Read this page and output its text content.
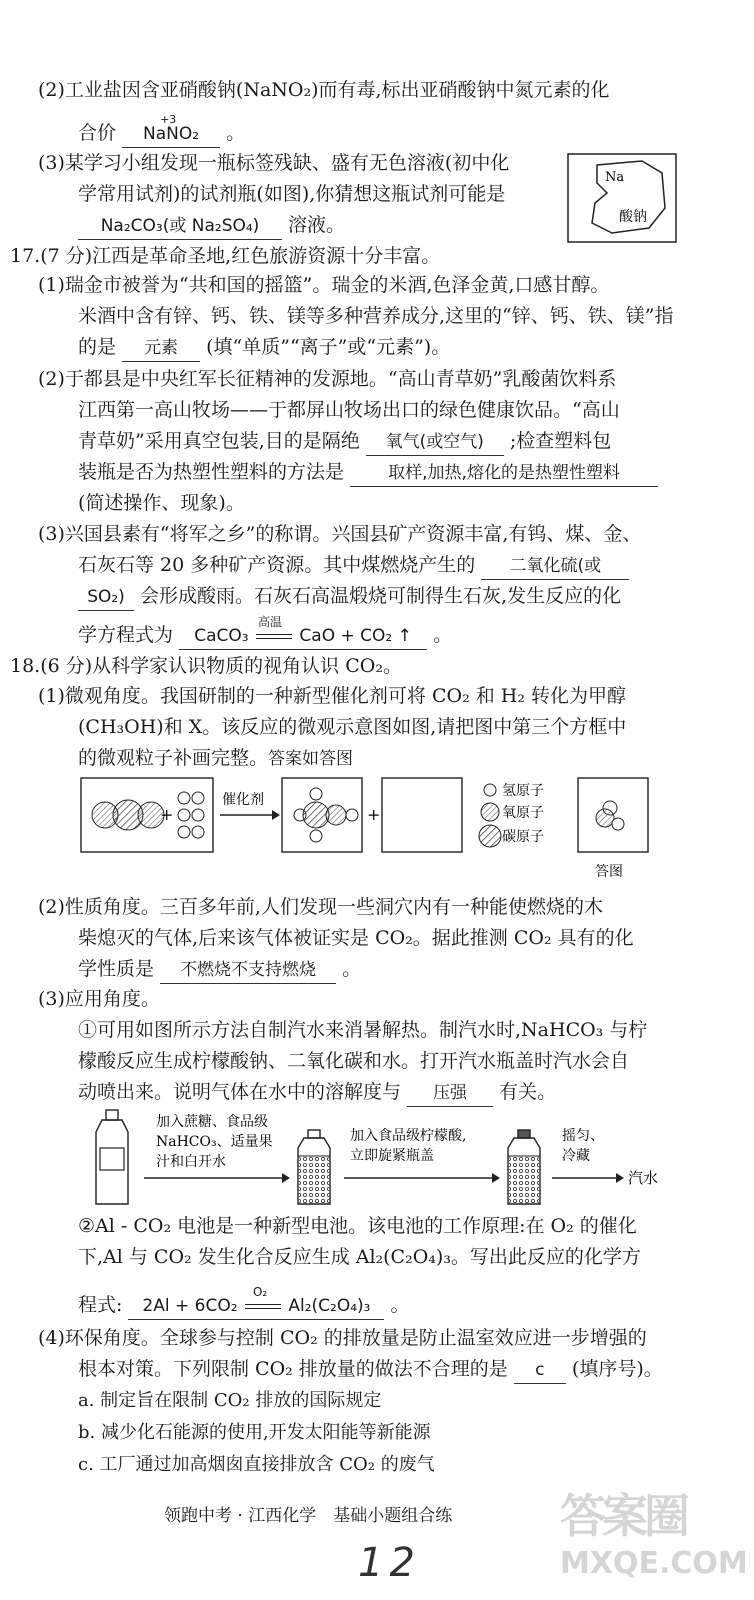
(2)工业盐因含亚硝酸钠(NaNO₂)而有毒,标出亚硝酸钠中氮元素的化
合价
+3
NaNO₂ 。
(3)某学习小组发现一瓶标签残缺、盛有无色溶液(初中化
学常用试剂)的试剂瓶(如图),你猜想这瓶试剂可能是
Na₂CO₃(或 Na₂SO₄) 溶液。
Na
酸钠
17.(7 分)江西是革命圣地,红色旅游资源十分丰富。
(1)瑞金市被誉为“共和国的摇篮”。瑞金的米酒,色泽金黄,口感甘醇。
米酒中含有锌、钙、铁、镁等多种营养成分,这里的“锌、钙、铁、镁”指
的是 元素 (填“单质”“离子”或“元素”)。
(2)于都县是中央红军长征精神的发源地。“高山青草奶”乳酸菌饮料系
江西第一高山牧场——于都屏山牧场出口的绿色健康饮品。“高山
青草奶”采用真空包装,目的是隔绝 氧气(或空气) ;检查塑料包
装瓶是否为热塑性塑料的方法是	取样,加热,熔化的是热塑性塑料
(简述操作、现象)。
(3)兴国县素有“将军之乡”的称谓。兴国县矿产资源丰富,有钨、煤、金、
石灰石等 20 多种矿产资源。其中煤燃烧产生的 二氧化硫(或
SO₂) 会形成酸雨。石灰石高温煅烧可制得生石灰,发生反应的化
学方程式为 CaCO₃
高温
CaO + CO₂ ↑ 。
18.(6 分)从科学家认识物质的视角认识 CO₂。
(1)微观角度。我国研制的一种新型催化剂可将 CO₂ 和 H₂ 转化为甲醇
(CH₃OH)和 X。该反应的微观示意图如图,请把图中第三个方框中
的微观粒子补画完整。答案如答图
+
催化剂
+
氢原子
氧原子
碳原子
答图
(2)性质角度。三百多年前,人们发现一些洞穴内有一种能使燃烧的木
柴熄灭的气体,后来该气体被证实是 CO₂。据此推测 CO₂ 具有的化
学性质是 不燃烧不支持燃烧 。
(3)应用角度。
①可用如图所示方法自制汽水来消暑解热。制汽水时,NaHCO₃ 与柠
檬酸反应生成柠檬酸钠、二氧化碳和水。打开汽水瓶盖时汽水会自
动喷出来。说明气体在水中的溶解度与 压强 有关。
加入蔗糖、食品级
NaHCO₃、适量果
汁和白开水
加入食品级柠檬酸,
立即旋紧瓶盖
摇匀、
冷藏
汽水
②Al - CO₂ 电池是一种新型电池。该电池的工作原理:在 O₂ 的催化
下,Al 与 CO₂ 发生化合反应生成 Al₂(C₂O₄)₃。写出此反应的化学方
程式: 2Al + 6CO₂
O₂
Al₂(C₂O₄)₃ 。
(4)环保角度。全球参与控制 CO₂ 的排放量是防止温室效应进一步增强的
根本对策。下列限制 CO₂ 排放量的做法不合理的是 c (填序号)。
a. 制定旨在限制 CO₂ 排放的国际规定
b. 减少化石能源的使用,开发太阳能等新能源
c. 工厂通过加高烟囱直接排放含 CO₂ 的废气
领跑中考 · 江西化学　基础小题组合练
12
答案圈
MXQE.COM
